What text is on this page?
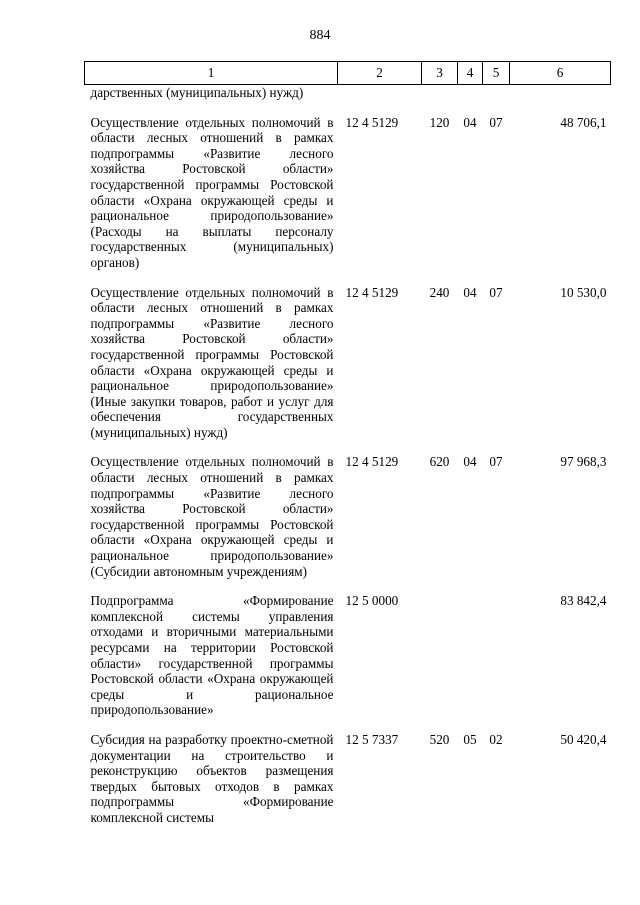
884
1	2	3	4	5	6
дарственных (муниципальных) нужд)					

Осуществление отдельных полномочий в области лесных отношений в рамках подпрограммы «Развитие лесного хозяйства Ростовской области» государственной программы Ростовской области «Охрана окружающей среды и рациональное природопользование» (Расходы на выплаты персоналу государственных (муниципальных) органов)	12 4 5129	120	04	07	48 706,1

Осуществление отдельных полномочий в области лесных отношений в рамках подпрограммы «Развитие лесного хозяйства Ростовской области» государственной программы Ростовской области «Охрана окружающей среды и рациональное природопользование» (Иные закупки товаров, работ и услуг для обеспечения государственных (муниципальных) нужд)	12 4 5129	240	04	07	10 530,0

Осуществление отдельных полномочий в области лесных отношений в рамках подпрограммы «Развитие лесного хозяйства Ростовской области» государственной программы Ростовской области «Охрана окружающей среды и рациональное природопользование» (Субсидии автономным учреждениям)	12 4 5129	620	04	07	97 968,3

Подпрограмма «Формирование комплексной системы управления отходами и вторичными материальными ресурсами на территории Ростовской области» государственной программы Ростовской области «Охрана окружающей среды и рациональное природопользование»	12 5 0000				83 842,4

Субсидия на разработку проектно-сметной документации на строительство и реконструкцию объектов размещения твердых бытовых отходов в рамках подпрограммы «Формирование комплексной системы	12 5 7337	520	05	02	50 420,4
